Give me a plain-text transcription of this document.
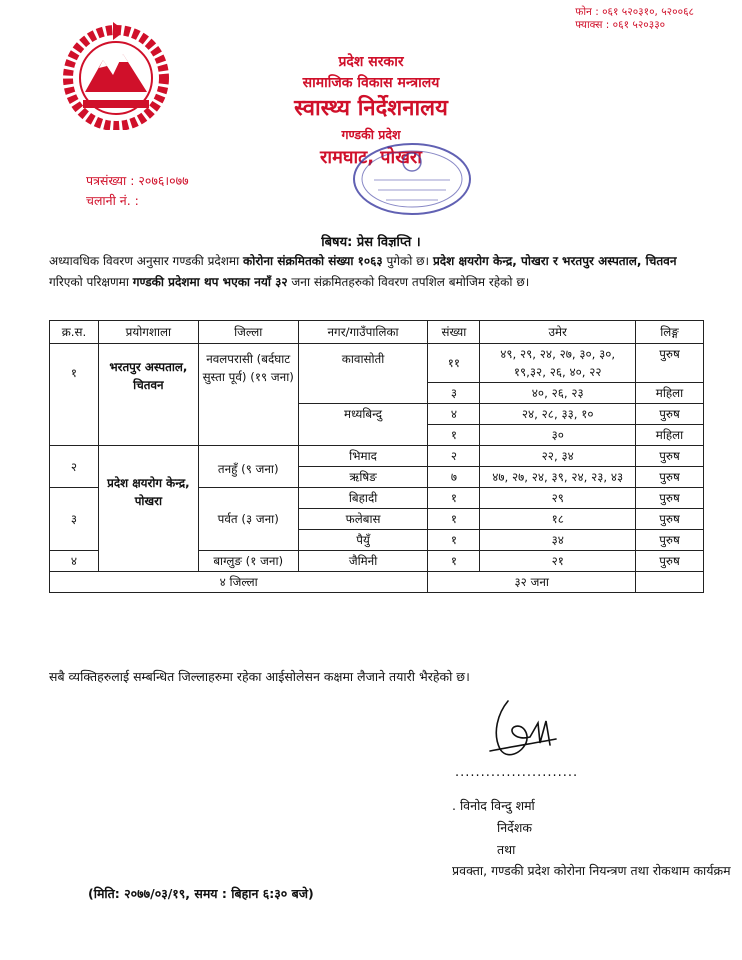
फोन : ०६१ ५२०३१०, ५२००६८
फ्याक्स : ०६१ ५२०३३०
प्रदेश सरकार
सामाजिक विकास मन्त्रालय
स्वास्थ्य निर्देशनालय
गण्डकी प्रदेश
रामघाट, पोखरा
पत्रसंख्या : २०७६।०७७
चलानी नं. :
बिषय: प्रेस विज्ञप्ति ।
अध्यावधिक विवरण अनुसार गण्डकी प्रदेशमा कोरोना संक्रमितको संख्या १०६३ पुगेको छ। प्रदेश क्षयरोग केन्द्र, पोखरा र भरतपुर अस्पताल, चितवन गरिएको परिक्षणमा गण्डकी प्रदेशमा थप भएका नयाँ ३२ जना संक्रमितहरुको विवरण तपशिल बमोजिम रहेको छ।
क्र.स.	प्रयोगशाला	जिल्ला	नगर/गाउँपालिका	संख्या	उमेर	लिङ्ग
१	भरतपुर अस्पताल, चितवन	नवलपरासी (बर्दघाट सुस्ता पूर्व) (१९ जना)	कावासोती	११	४९, २९, २४, २७, ३०, ३०, १९,३२, २६, ४०, २२	पुरुष
				३	४०, २६, २३	महिला
			मध्यबिन्दु	४	२४, २८, ३३, १०	पुरुष
				१	३०	महिला
२	प्रदेश क्षयरोग केन्द्र, पोखरा	तनहुँ (९ जना)	भिमाद	२	२२, ३४	पुरुष
			ऋषिङ	७	४७, २७, २४, ३९, २४, २३, ४३	पुरुष
३		पर्वत (३ जना)	बिहादी	१	२९	पुरुष
			फलेबास	१	१८	पुरुष
			पैयुँ	१	३४	पुरुष
४		बाग्लुङ (१ जना)	जैमिनी	१	२१	पुरुष
४ जिल्ला				३२ जना		
सबै व्यक्तिहरुलाई सम्बन्धित जिल्लाहरुमा रहेका आईसोलेसन कक्षमा लैजाने तयारी भैरहेको छ।
........................
. विनोद विन्दु शर्मा
निर्देशक
तथा
प्रवक्ता, गण्डकी प्रदेश कोरोना नियन्त्रण तथा रोकथाम कार्यक्रम
(मिति: २०७७/०३/१९, समय : बिहान ६:३० बजे)
